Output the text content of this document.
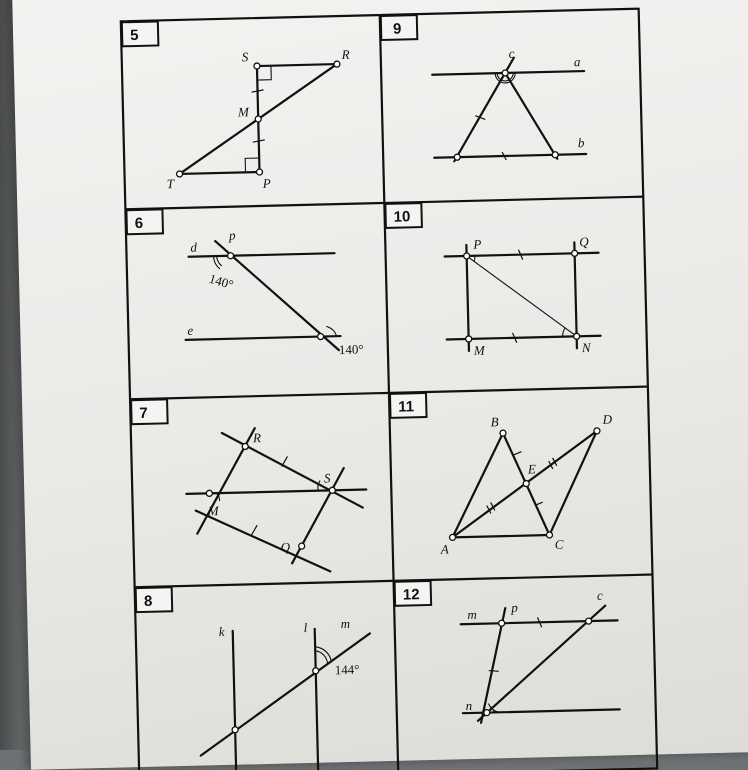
5
S	R
M
T	P
9
c
a
b
6
p
d
e
140°
140°
10
P	Q
M	N
7
R
S
M
Q
11
B	D
E
A	C
8
k	l	m
144°
12
m	p
c
n
